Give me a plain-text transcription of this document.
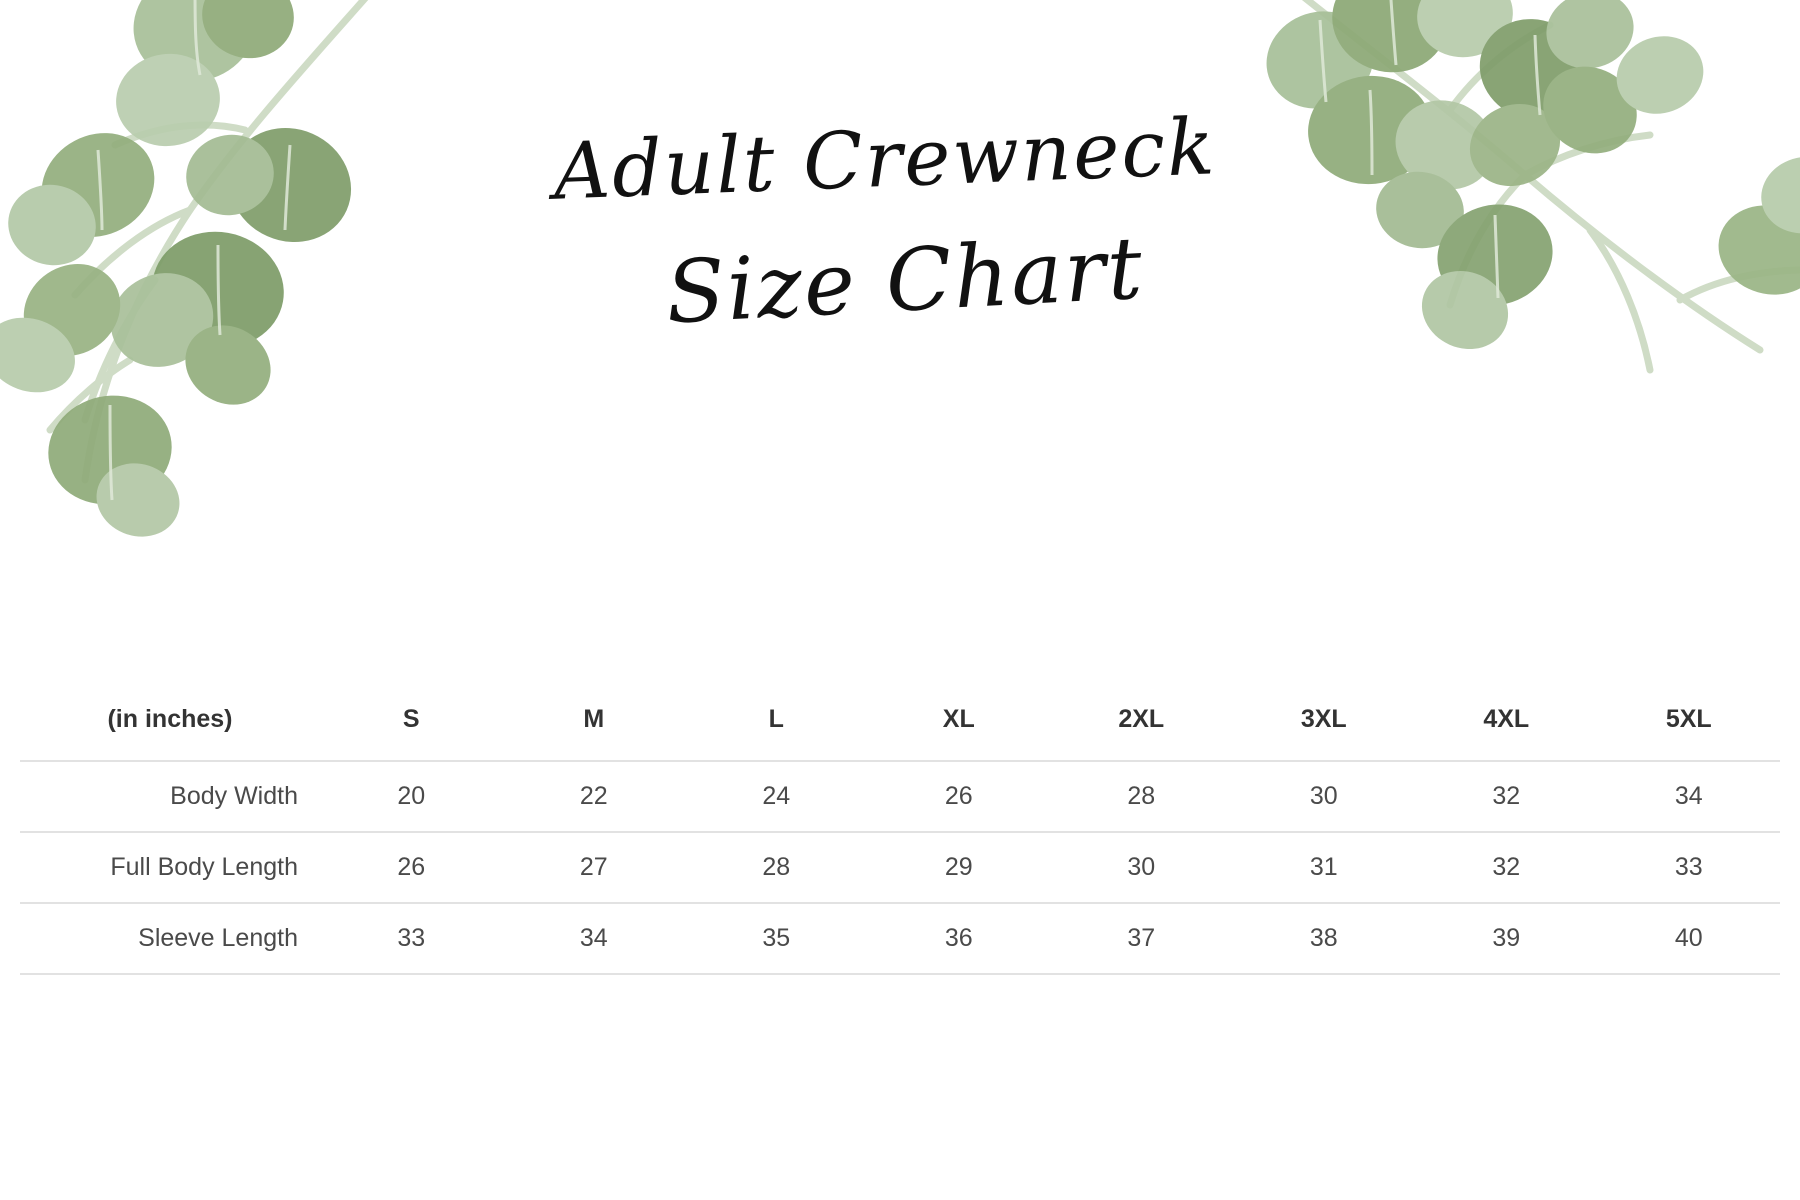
Adult Crewneck
Size Chart
(in inches)	S	M	L	XL	2XL	3XL	4XL	5XL
Body Width	20	22	24	26	28	30	32	34
Full Body Length	26	27	28	29	30	31	32	33
Sleeve Length	33	34	35	36	37	38	39	40
